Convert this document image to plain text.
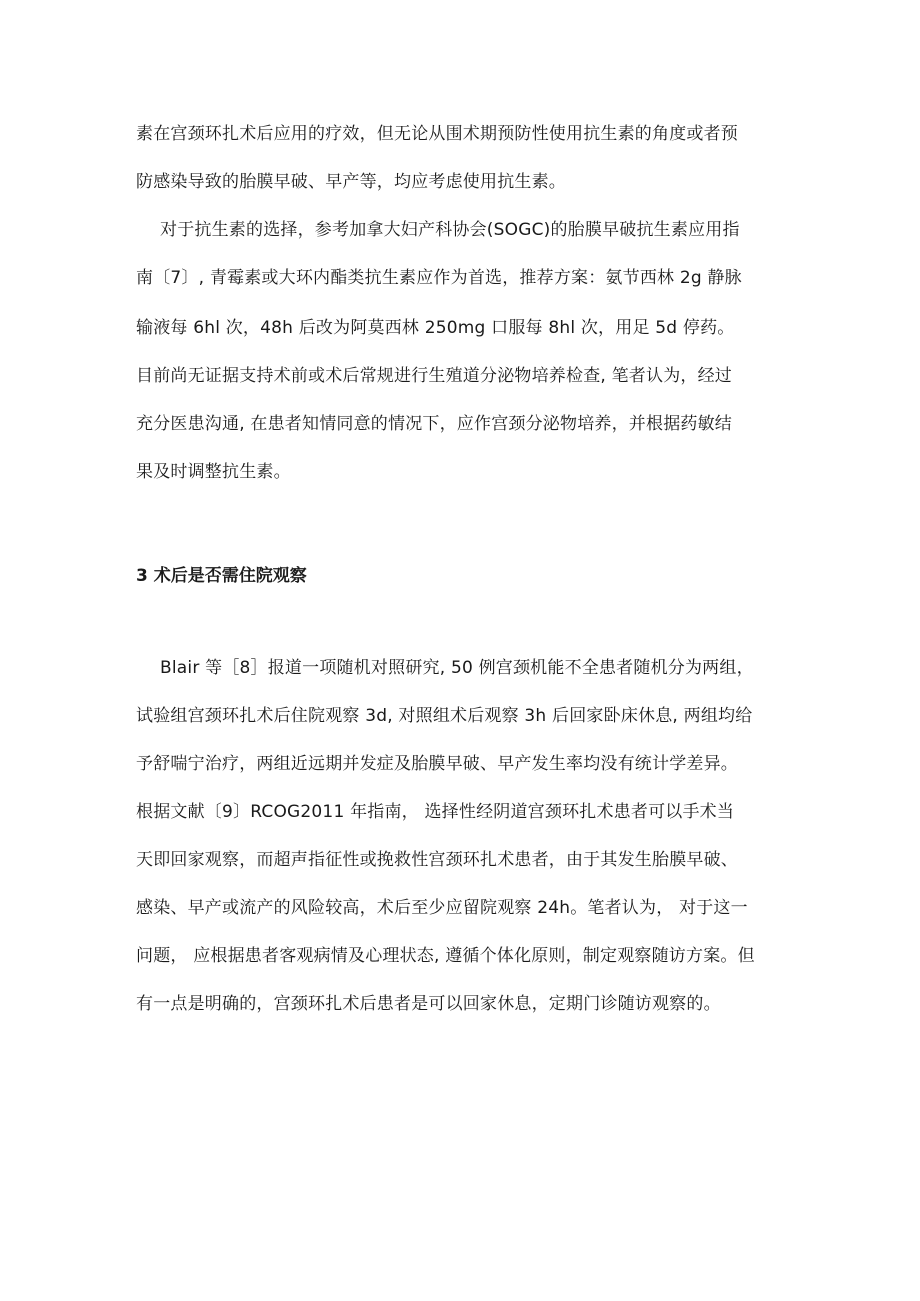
素在宫颈环扎术后应用的疗效，但无论从围术期预防性使用抗生素的角度或者预
防感染导致的胎膜早破、早产等，均应考虑使用抗生素。
对于抗生素的选择，参考加拿大妇产科协会(SOGC)的胎膜早破抗生素应用指
南〔7〕, 青霉素或大环内酯类抗生素应作为首选，推荐方案：氨节西林 2g 静脉
输液每 6hl 次，48h 后改为阿莫西林 250mg 口服每 8hl 次，用足 5d 停药。
目前尚无证据支持术前或术后常规进行生殖道分泌物培养检查, 笔者认为，经过
充分医患沟通, 在患者知情同意的情况下，应作宫颈分泌物培养，并根据药敏结
果及时调整抗生素。
3 术后是否需住院观察
Blair 等［8］报道一项随机对照研究, 50 例宫颈机能不全患者随机分为两组，
试验组宫颈环扎术后住院观察 3d, 对照组术后观察 3h 后回家卧床休息, 两组均给
予舒喘宁治疗，两组近远期并发症及胎膜早破、早产发生率均没有统计学差异。
根据文献〔9〕RCOG2011 年指南， 选择性经阴道宫颈环扎术患者可以手术当
天即回家观察，而超声指征性或挽救性宫颈环扎术患者，由于其发生胎膜早破、
感染、早产或流产的风险较高，术后至少应留院观察 24h。笔者认为， 对于这一
问题， 应根据患者客观病情及心理状态, 遵循个体化原则，制定观察随访方案。但
有一点是明确的，宫颈环扎术后患者是可以回家休息，定期门诊随访观察的。
